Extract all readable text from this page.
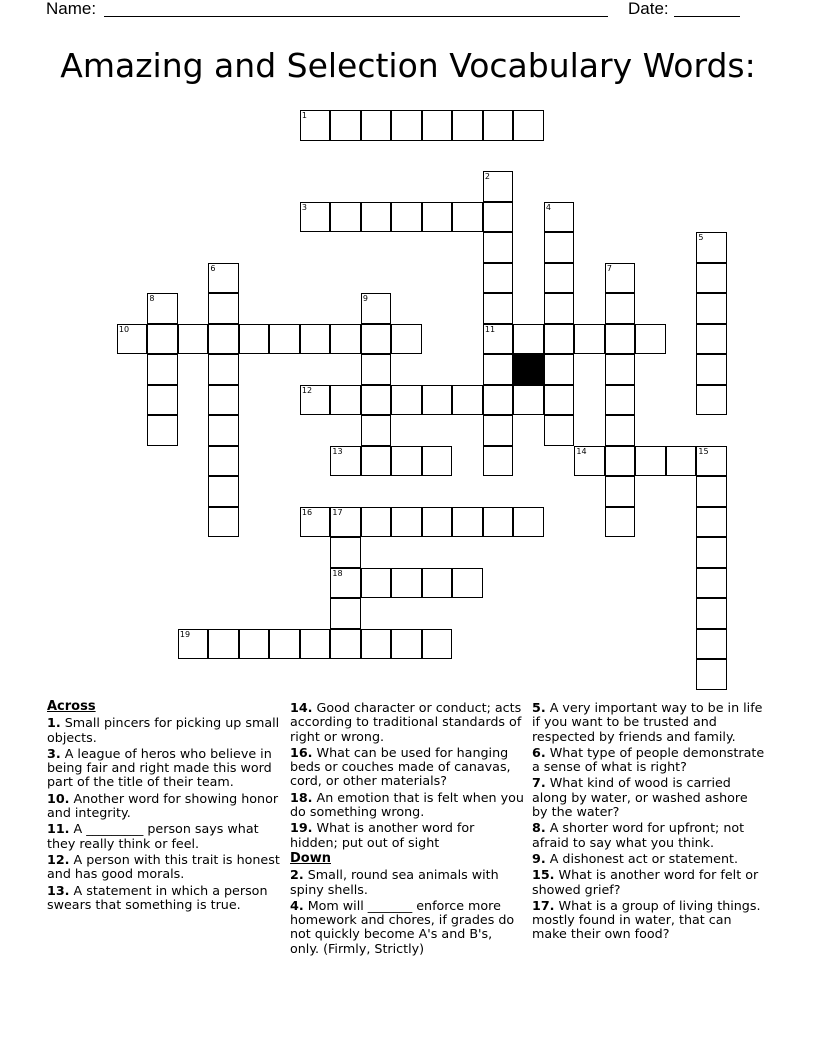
Name:	Date:
Amazing and Selection Vocabulary Words:
1
2
11
3	4
5
6	7
8	9
10
12
13	14	15
16	17
18
19
Across
1. Small pincers for picking up small objects.
3. A league of heros who believe in being fair and right made this word part of the title of their team.
10. Another word for showing honor and integrity.
11. A _________ person says what they really think or feel.
12. A person with this trait is honest and has good morals.
13. A statement in which a person swears that something is true.
14. Good character or conduct; acts according to traditional standards of right or wrong.
16. What can be used for hanging beds or couches made of canavas, cord, or other materials?
18. An emotion that is felt when you do something wrong.
19. What is another word for hidden; put out of sight
Down
2. Small, round sea animals with spiny shells.
4. Mom will _______ enforce more homework and chores, if grades do not quickly become A's and B's, only. (Firmly, Strictly)
5. A very important way to be in life if you want to be trusted and respected by friends and family.
6. What type of people demonstrate a sense of what is right?
7. What kind of wood is carried along by water, or washed ashore by the water?
8. A shorter word for upfront; not afraid to say what you think.
9. A dishonest act or statement.
15. What is another word for felt or showed grief?
17. What is a group of living things. mostly found in water, that can make their own food?
